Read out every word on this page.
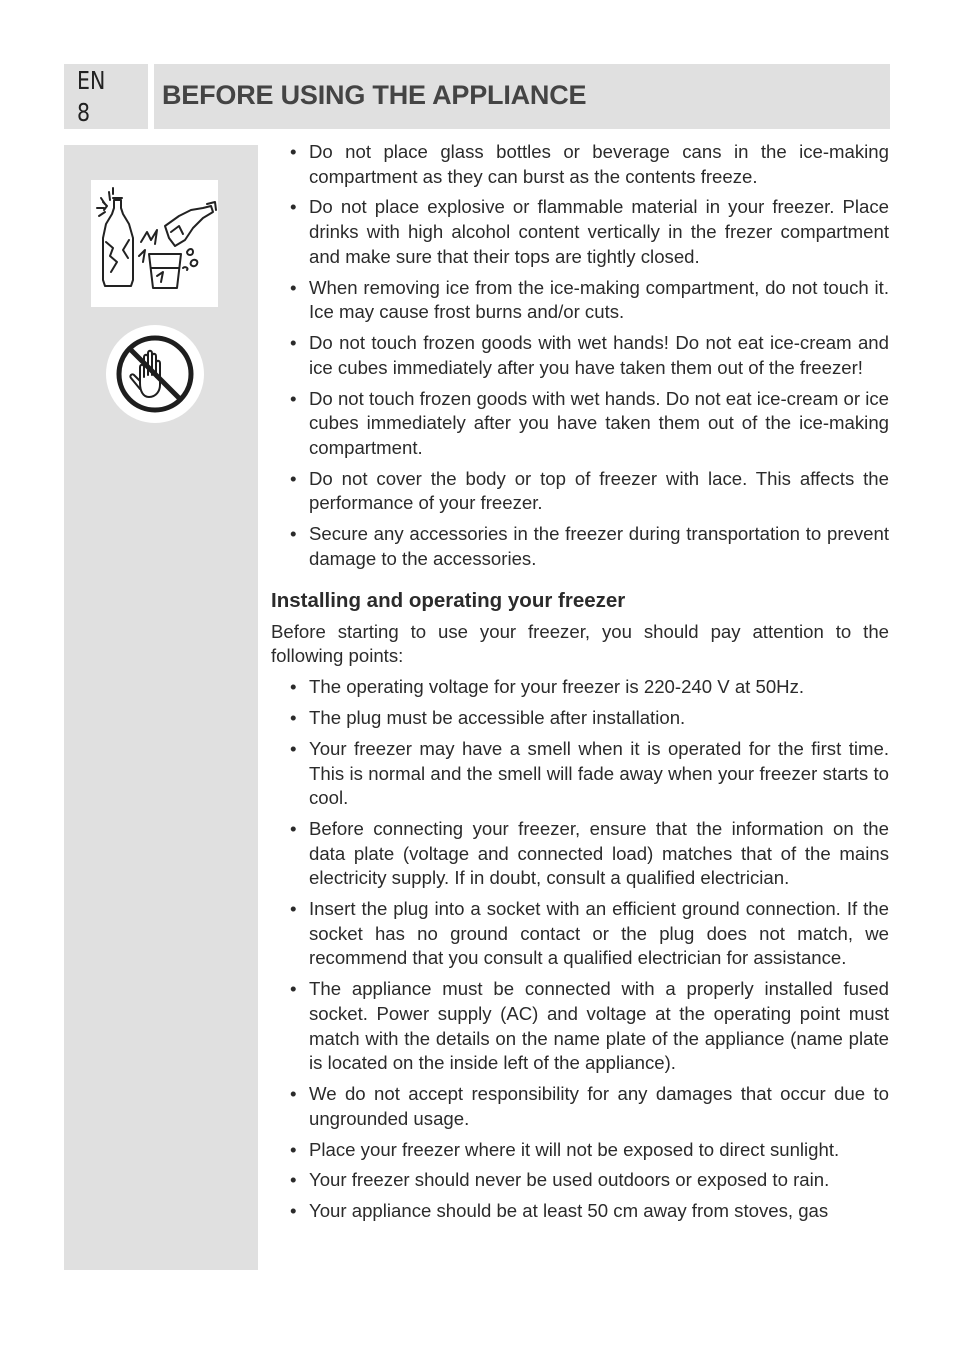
EN
8
BEFORE USING THE APPLIANCE
• Do not place glass bottles or beverage cans in the ice-making compartment as they can burst as the contents freeze.
• Do not place explosive or flammable material in your freezer. Place drinks with high alcohol content vertically in the frezer compartment and make sure that their tops are tightly closed.
• When removing ice from the ice-making compartment, do not touch it. Ice may cause frost burns and/or cuts.
• Do not touch frozen goods with wet hands! Do not eat ice-cream and ice cubes immediately after you have taken them out of the freezer!
• Do not touch frozen goods with wet hands. Do not eat ice-cream or ice cubes immediately after you have taken them out of the ice-making compartment.
• Do not cover the body or top of freezer with lace. This affects the performance of your freezer.
• Secure any accessories in the freezer during transportation to prevent damage to the accessories.
Installing and operating your freezer

Before starting to use your freezer, you should pay attention to the following points:

• The operating voltage for your freezer is 220-240 V at 50Hz.
• The plug must be accessible after installation.
• Your freezer may have a smell when it is operated for the first time. This is normal and the smell will fade away when your freezer starts to cool.
• Before connecting your freezer, ensure that the information on the data plate (voltage and connected load) matches that of the mains electricity supply. If in doubt, consult a qualified electrician.
• Insert the plug into a socket with an efficient ground connection. If the socket has no ground contact or the plug does not match, we recommend that you consult a qualified electrician for assistance.
• The appliance must be connected with a properly installed fused socket. Power supply (AC) and voltage at the operating point must match with the details on the name plate of the appliance (name plate is located on the inside left of the appliance).
• We do not accept responsibility for any damages that occur due to ungrounded usage.
• Place your freezer where it will not be exposed to direct sunlight.
• Your freezer should never be used outdoors or exposed to rain.
• Your appliance should be at least 50 cm away from stoves, gas
